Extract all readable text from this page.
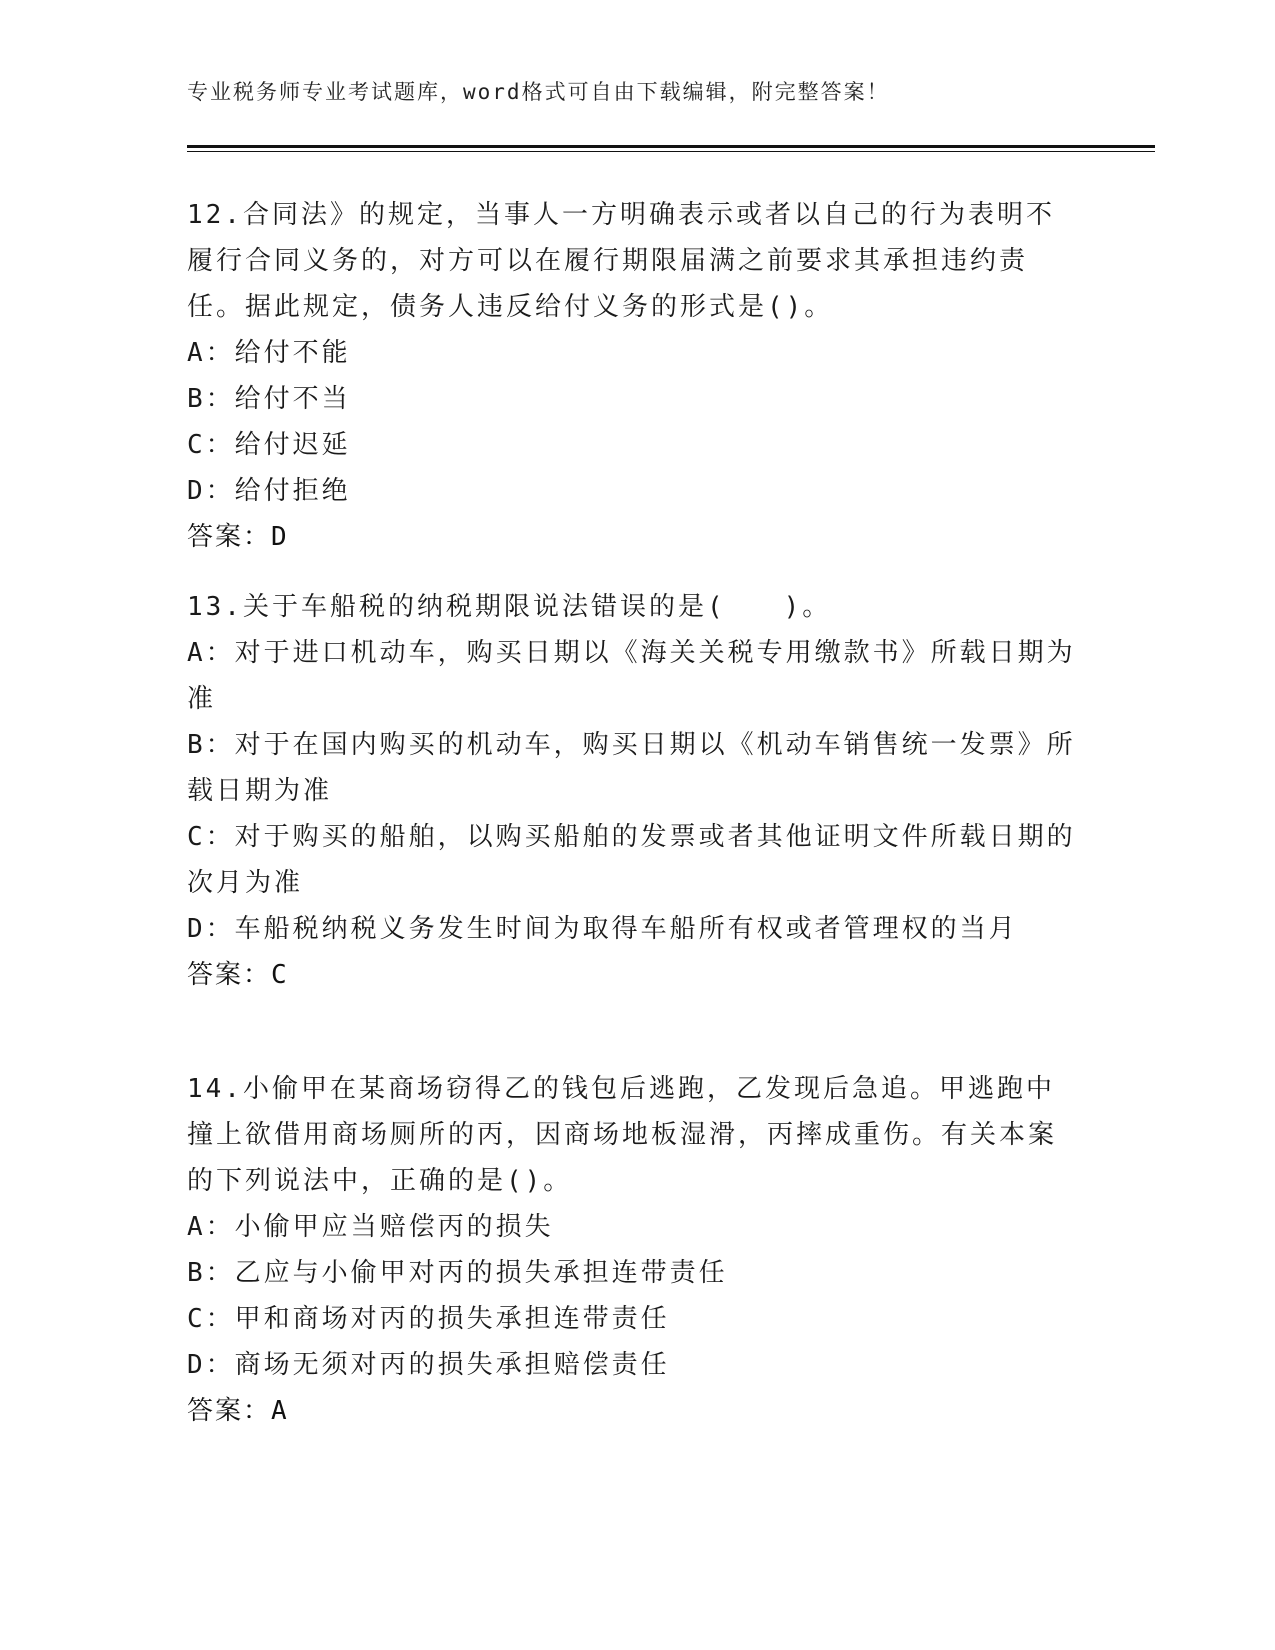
专业税务师专业考试题库，word格式可自由下载编辑，附完整答案！

12.合同法》的规定，当事人一方明确表示或者以自己的行为表明不履行合同义务的，对方可以在履行期限届满之前要求其承担违约责任。据此规定，债务人违反给付义务的形式是()。

A：给付不能

B：给付不当

C：给付迟延

D：给付拒绝

答案：D

13.关于车船税的纳税期限说法错误的是(　　)。

A：对于进口机动车，购买日期以《海关关税专用缴款书》所载日期为准

B：对于在国内购买的机动车，购买日期以《机动车销售统一发票》所载日期为准

C：对于购买的船舶，以购买船舶的发票或者其他证明文件所载日期的次月为准

D：车船税纳税义务发生时间为取得车船所有权或者管理权的当月

答案：C

14.小偷甲在某商场窃得乙的钱包后逃跑，乙发现后急追。甲逃跑中撞上欲借用商场厕所的丙，因商场地板湿滑，丙摔成重伤。有关本案的下列说法中，正确的是()。

A：小偷甲应当赔偿丙的损失

B：乙应与小偷甲对丙的损失承担连带责任

C：甲和商场对丙的损失承担连带责任

D：商场无须对丙的损失承担赔偿责任

答案：A
